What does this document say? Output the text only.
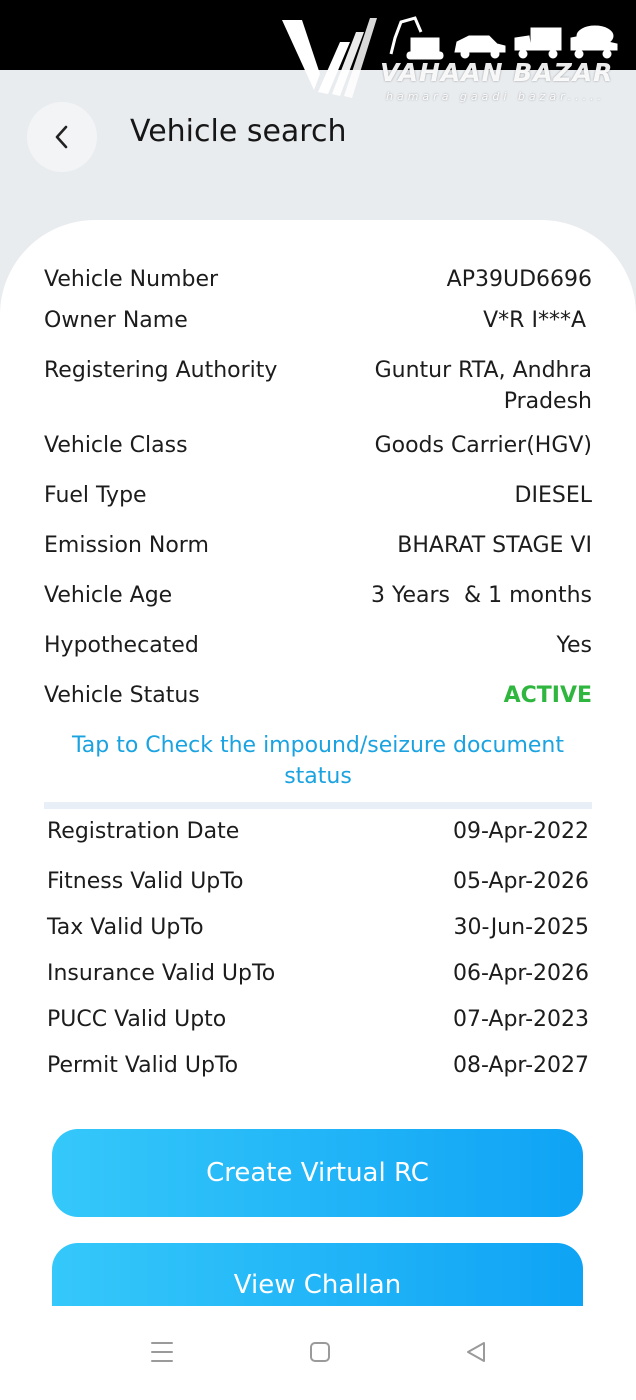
VAHAAN BAZAR
hamara gaadi bazar.....
Vehicle search
Vehicle Number	AP39UD6696
Owner Name	V*R I***A
Registering Authority	Guntur RTA, Andhra Pradesh
Vehicle Class	Goods Carrier(HGV)
Fuel Type	DIESEL
Emission Norm	BHARAT STAGE VI
Vehicle Age	3 Years  & 1 months
Hypothecated	Yes
Vehicle Status	ACTIVE
Tap to Check the impound/seizure document status
Registration Date	09-Apr-2022
Fitness Valid UpTo	05-Apr-2026
Tax Valid UpTo	30-Jun-2025
Insurance Valid UpTo	06-Apr-2026
PUCC Valid Upto	07-Apr-2023
Permit Valid UpTo	08-Apr-2027
Create Virtual RC
View Challan
